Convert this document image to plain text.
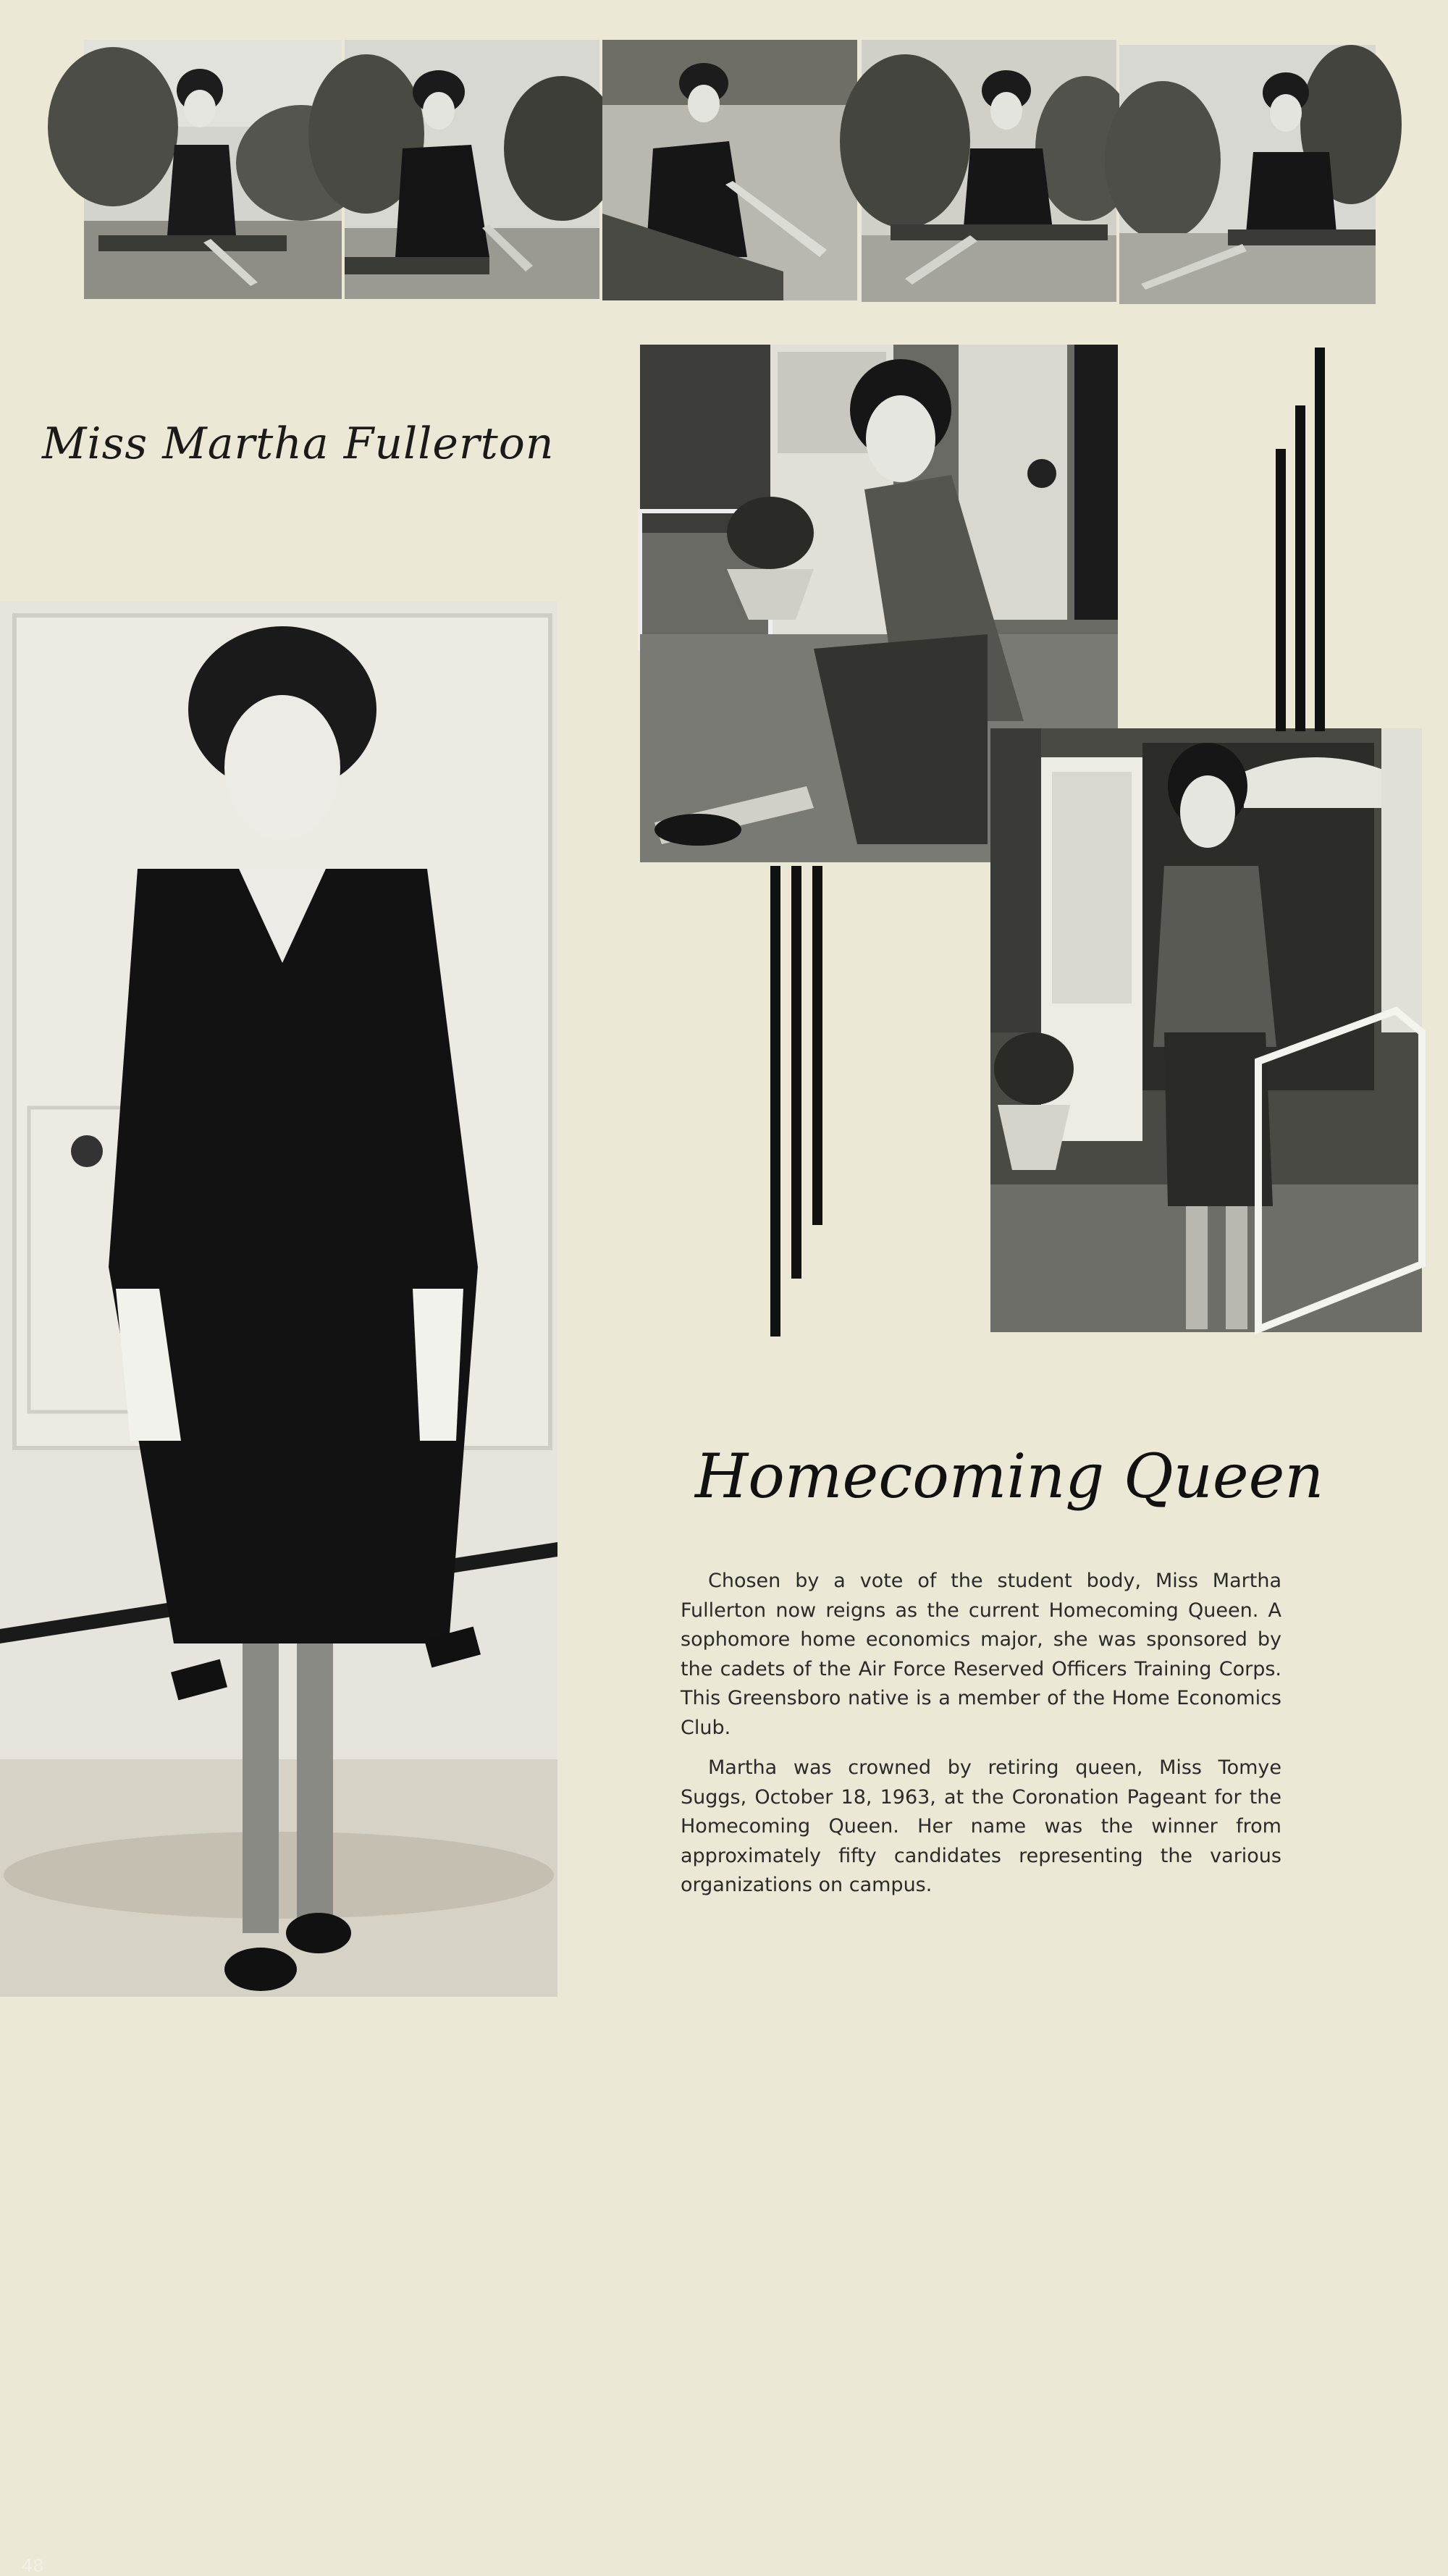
Miss Martha Fullerton
48
Homecoming Queen

Chosen by a vote of the student body, Miss Martha Fullerton now reigns as the current Homecoming Queen. A sophomore home economics major, she was sponsored by the cadets of the Air Force Reserved Officers Training Corps. This Greensboro native is a member of the Home Economics Club.

Martha was crowned by retiring queen, Miss Tomye Suggs, October 18, 1963, at the Coronation Pageant for the Homecoming Queen. Her name was the winner from approximately fifty candidates representing the various organizations on campus.
